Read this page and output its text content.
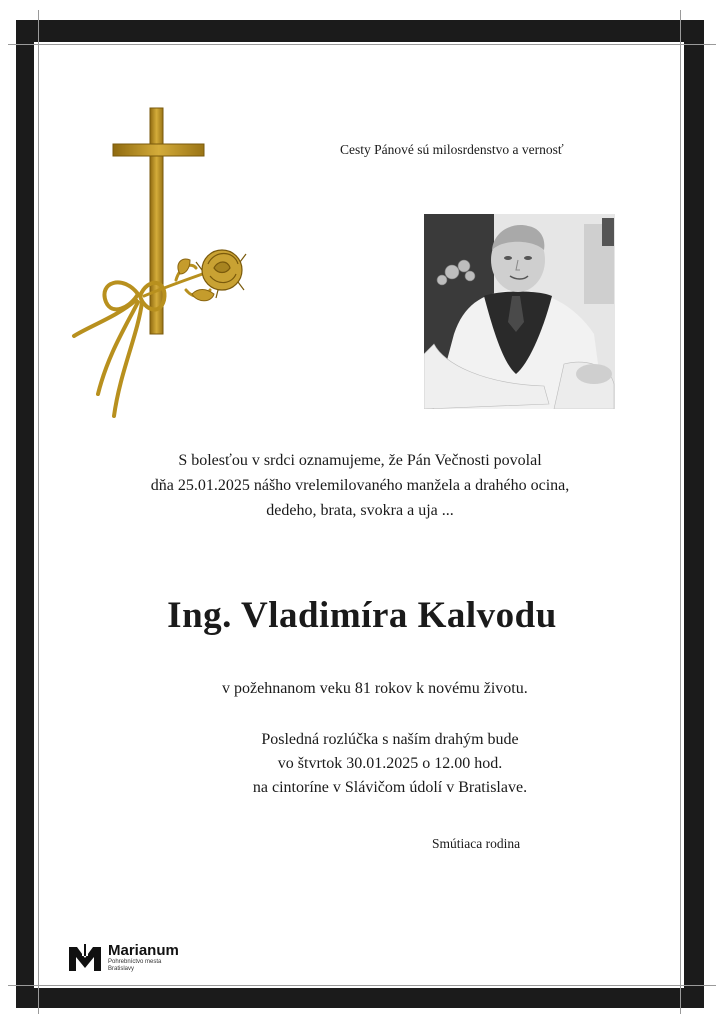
Cesty Pánové sú milosrdenstvo a vernosť
S bolesťou v srdci oznamujeme, že Pán Večnosti povolal
dňa 25.01.2025 nášho vrelemilovaného manžela a drahého ocina,
dedeho, brata, svokra a uja ...
Ing. Vladimíra Kalvodu
v požehnanom veku 81 rokov k novému životu.
Posledná rozlúčka s naším drahým bude
vo štvrtok 30.01.2025 o 12.00 hod.
na cintoríne v Slávičom údolí v Bratislave.
Smútiaca rodina
Marianum
Pohrebníctvo mesta Bratislavy
